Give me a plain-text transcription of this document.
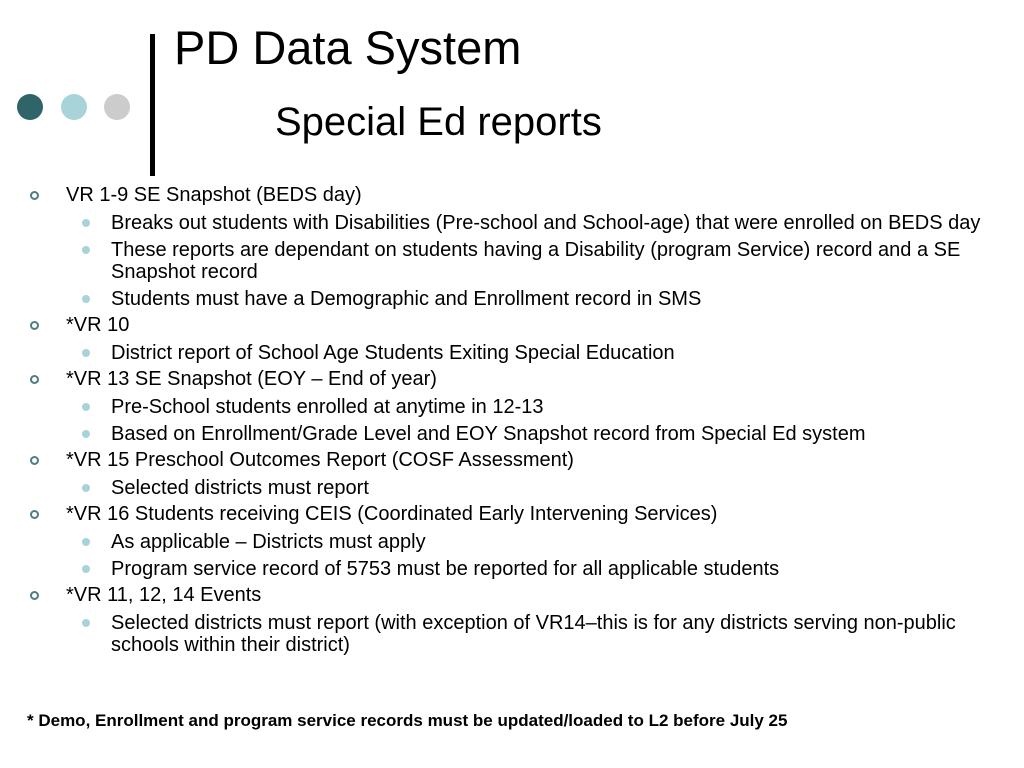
PD Data System
Special Ed reports
VR 1-9 SE Snapshot (BEDS day)
Breaks out students with Disabilities (Pre-school and School-age) that were enrolled on BEDS day
These reports are dependant on students having a Disability (program Service) record and a SE Snapshot record
Students must have a Demographic and Enrollment record in SMS
*VR 10
District report of School Age Students Exiting Special Education
*VR 13 SE Snapshot (EOY – End of year)
Pre-School students enrolled at anytime in 12-13
Based on Enrollment/Grade Level and EOY Snapshot record from Special Ed system
*VR 15 Preschool Outcomes Report (COSF Assessment)
Selected districts must report
*VR 16 Students receiving CEIS (Coordinated Early Intervening Services)
As applicable – Districts must apply
Program service record of 5753 must be reported for all applicable students
*VR 11, 12, 14 Events
Selected districts must report (with exception of VR14–this is for any districts serving non-public schools within their district)
* Demo, Enrollment and program service records must be updated/loaded to L2 before July 25
